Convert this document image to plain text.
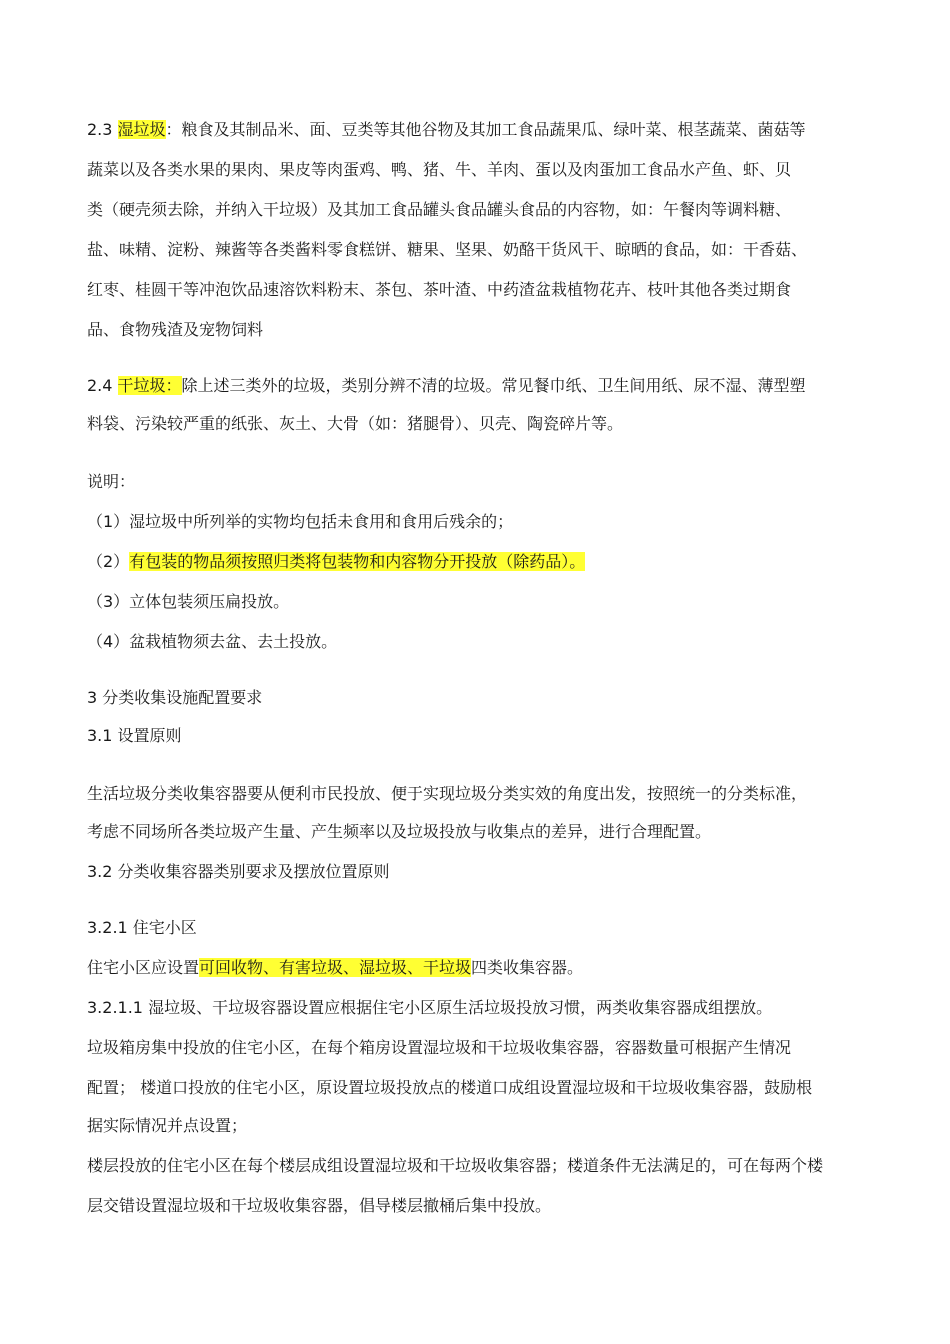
2.3 湿垃圾：粮食及其制品米、面、豆类等其他谷物及其加工食品蔬果瓜、绿叶菜、根茎蔬菜、菌菇等
蔬菜以及各类水果的果肉、果皮等肉蛋鸡、鸭、猪、牛、羊肉、蛋以及肉蛋加工食品水产鱼、虾、贝
类（硬壳须去除，并纳入干垃圾）及其加工食品罐头食品罐头食品的内容物，如：午餐肉等调料糖、
盐、味精、淀粉、辣酱等各类酱料零食糕饼、糖果、坚果、奶酪干货风干、晾晒的食品，如：干香菇、
红枣、桂圆干等冲泡饮品速溶饮料粉末、茶包、茶叶渣、中药渣盆栽植物花卉、枝叶其他各类过期食
品、食物残渣及宠物饲料
2.4 干垃圾：除上述三类外的垃圾，类别分辨不清的垃圾。常见餐巾纸、卫生间用纸、尿不湿、薄型塑
料袋、污染较严重的纸张、灰土、大骨（如：猪腿骨）、贝壳、陶瓷碎片等。
说明：
（1）湿垃圾中所列举的实物均包括未食用和食用后残余的；
（2）有包装的物品须按照归类将包装物和内容物分开投放（除药品）。
（3）立体包装须压扁投放。
（4）盆栽植物须去盆、去土投放。
3 分类收集设施配置要求
3.1 设置原则
生活垃圾分类收集容器要从便利市民投放、便于实现垃圾分类实效的角度出发，按照统一的分类标准，
考虑不同场所各类垃圾产生量、产生频率以及垃圾投放与收集点的差异，进行合理配置。
3.2 分类收集容器类别要求及摆放位置原则
3.2.1 住宅小区
住宅小区应设置可回收物、有害垃圾、湿垃圾、干垃圾四类收集容器。
3.2.1.1 湿垃圾、干垃圾容器设置应根据住宅小区原生活垃圾投放习惯，两类收集容器成组摆放。
垃圾箱房集中投放的住宅小区，在每个箱房设置湿垃圾和干垃圾收集容器，容器数量可根据产生情况
配置； 楼道口投放的住宅小区，原设置垃圾投放点的楼道口成组设置湿垃圾和干垃圾收集容器，鼓励根
据实际情况并点设置；
楼层投放的住宅小区在每个楼层成组设置湿垃圾和干垃圾收集容器；楼道条件无法满足的，可在每两个楼
层交错设置湿垃圾和干垃圾收集容器，倡导楼层撤桶后集中投放。
